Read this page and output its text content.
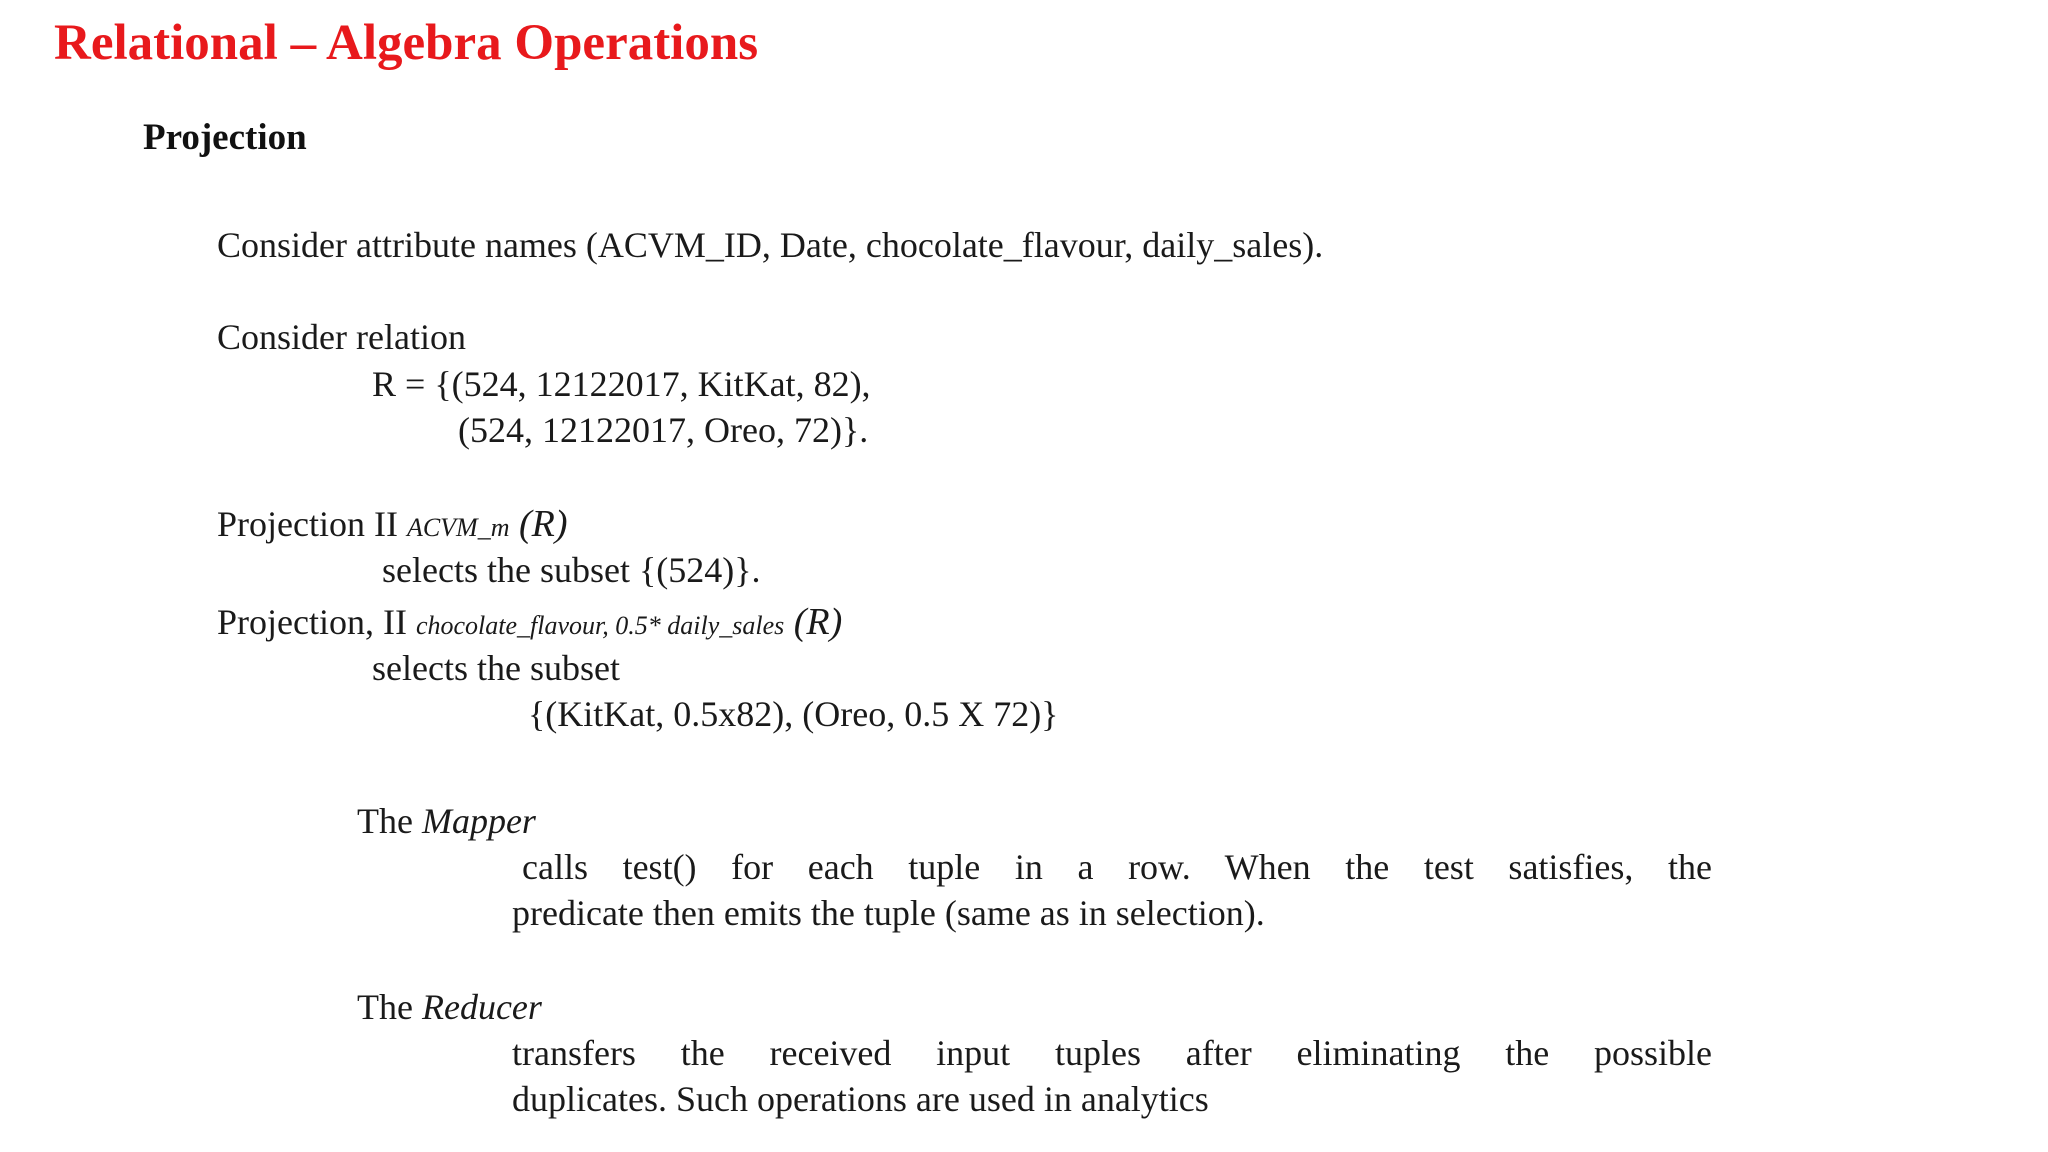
Relational – Algebra Operations
Projection
Consider attribute names (ACVM_ID, Date, chocolate_flavour, daily_sales).
Consider relation
R = {(524, 12122017, KitKat, 82),
(524, 12122017, Oreo, 72)}.
Projection II ACVM_m (R)
selects the subset {(524)}.
Projection, II chocolate_flavour, 0.5* daily_sales (R)
selects the subset
{(KitKat, 0.5x82), (Oreo, 0.5 X 72)}
The Mapper
calls test() for each tuple in a row. When the test satisfies, the
predicate then emits the tuple (same as in selection).
The Reducer
transfers the received input tuples after eliminating the possible
duplicates. Such operations are used in analytics
